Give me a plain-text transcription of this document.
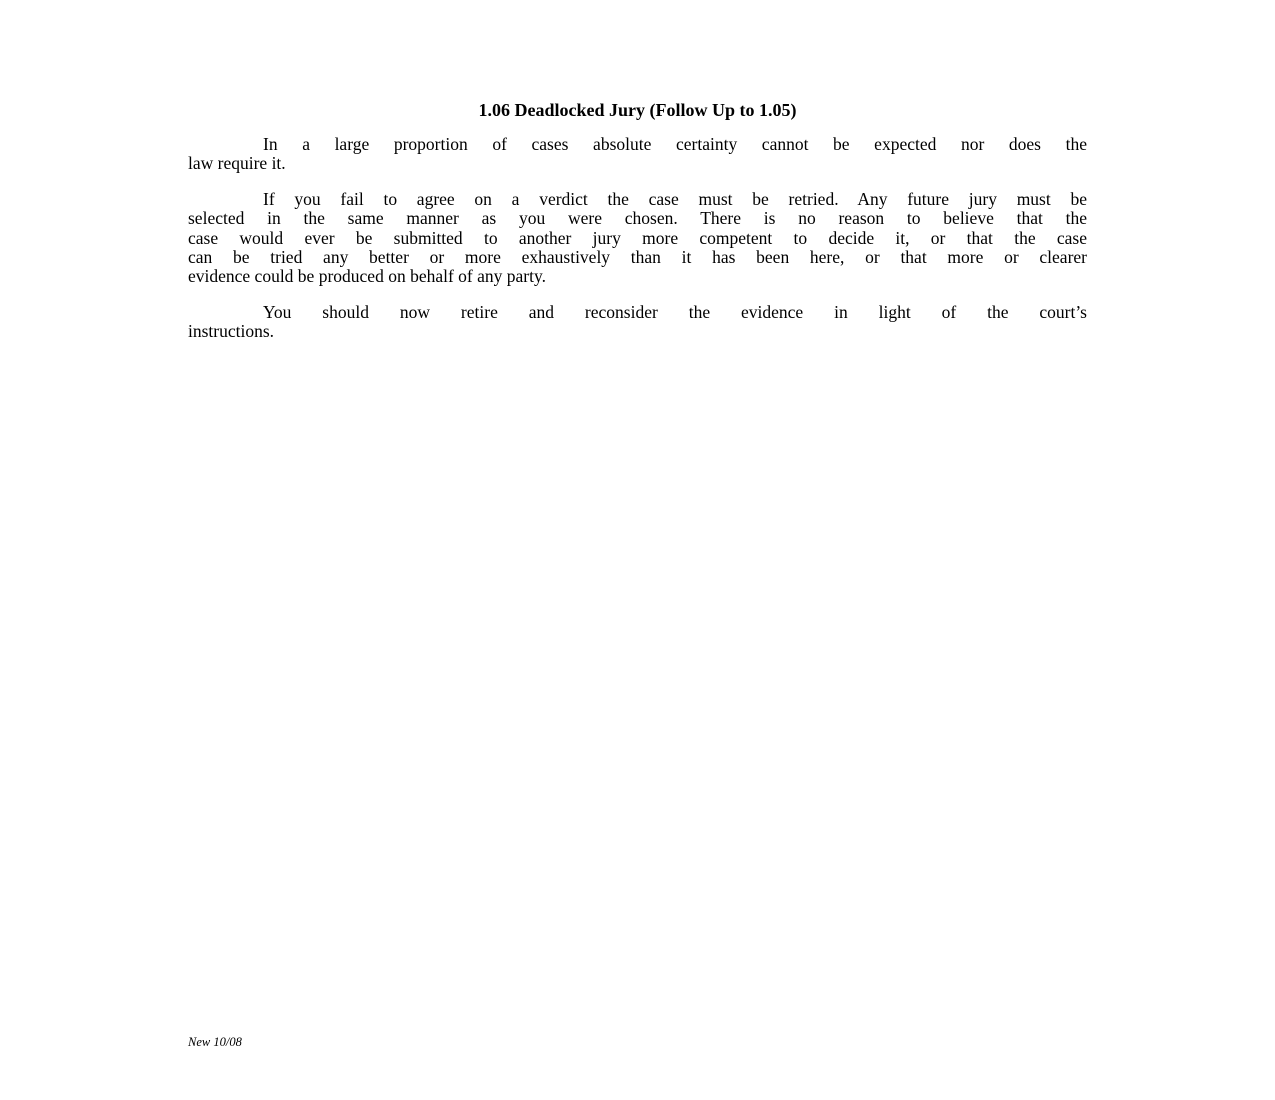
1.06 Deadlocked Jury (Follow Up to 1.05)
In a large proportion of cases absolute certainty cannot be expected nor does the
law require it.
If you fail to agree on a verdict the case must be retried. Any future jury must be
selected in the same manner as you were chosen. There is no reason to believe that the
case would ever be submitted to another jury more competent to decide it, or that the case
can be tried any better or more exhaustively than it has been here, or that more or clearer
evidence could be produced on behalf of any party.
You should now retire and reconsider the evidence in light of the court’s
instructions.
New 10/08
